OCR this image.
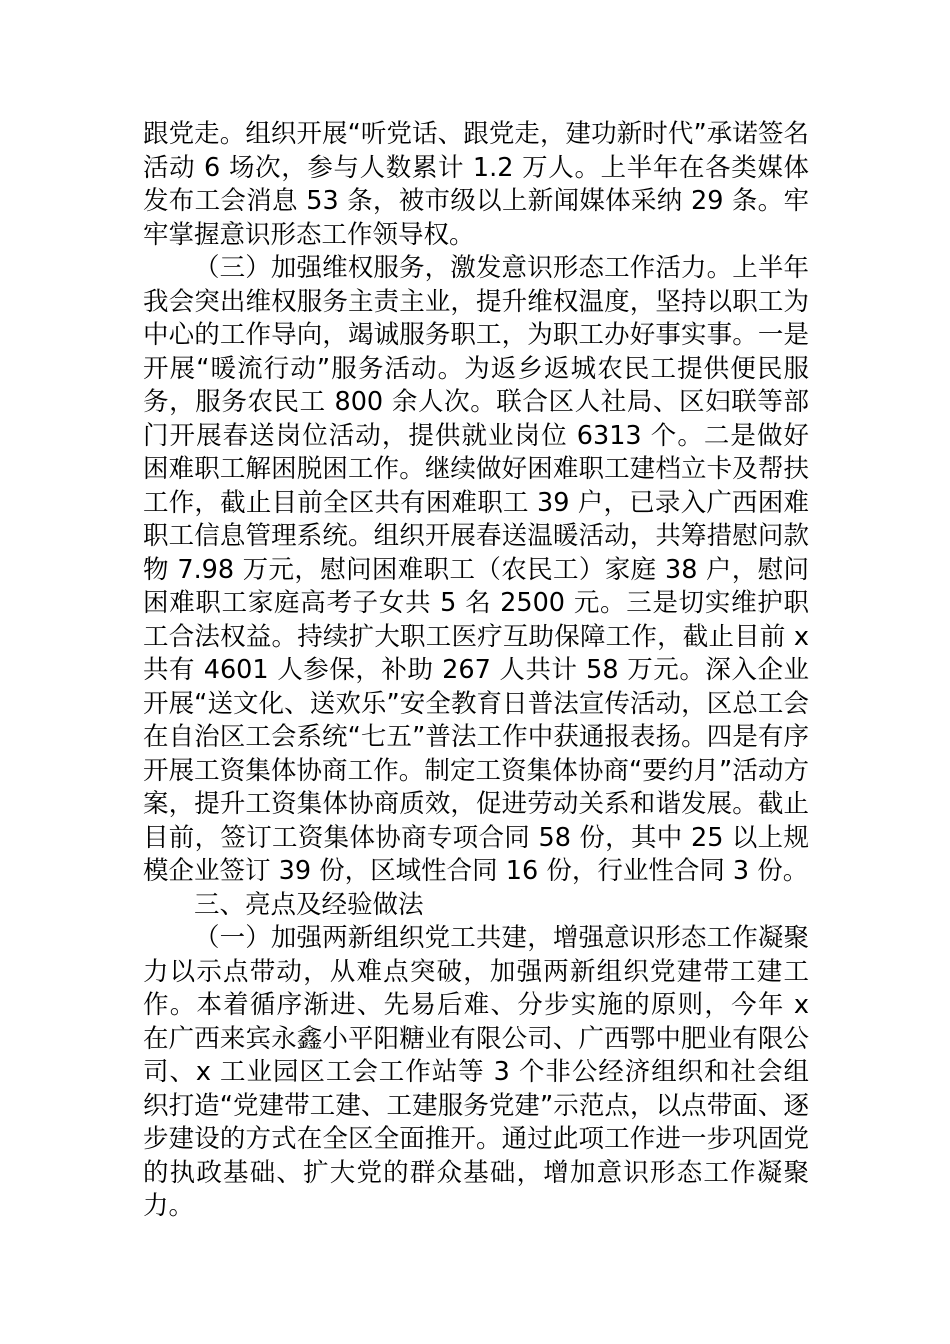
跟党走。组织开展“听党话、跟党走，建功新时代”承诺签名活动 6 场次，参与人数累计 1.2 万人。上半年在各类媒体发布工会消息 53 条，被市级以上新闻媒体采纳 29 条。牢牢掌握意识形态工作领导权。

（三）加强维权服务，激发意识形态工作活力。上半年我会突出维权服务主责主业，提升维权温度，坚持以职工为中心的工作导向，竭诚服务职工，为职工办好事实事。一是开展“暖流行动”服务活动。为返乡返城农民工提供便民服务，服务农民工 800 余人次。联合区人社局、区妇联等部门开展春送岗位活动，提供就业岗位 6313 个。二是做好困难职工解困脱困工作。继续做好困难职工建档立卡及帮扶工作，截止目前全区共有困难职工 39 户，已录入广西困难职工信息管理系统。组织开展春送温暖活动，共筹措慰问款物 7.98 万元，慰问困难职工（农民工）家庭 38 户，慰问困难职工家庭高考子女共 5 名 2500 元。三是切实维护职工合法权益。持续扩大职工医疗互助保障工作，截止目前 x 共有 4601 人参保，补助 267 人共计 58 万元。深入企业开展“送文化、送欢乐”安全教育日普法宣传活动，区总工会在自治区工会系统“七五”普法工作中获通报表扬。四是有序开展工资集体协商工作。制定工资集体协商“要约月”活动方案，提升工资集体协商质效，促进劳动关系和谐发展。截止目前，签订工资集体协商专项合同 58 份，其中 25 以上规模企业签订 39 份，区域性合同 16 份，行业性合同 3 份。

三、亮点及经验做法

（一）加强两新组织党工共建，增强意识形态工作凝聚力以示点带动，从难点突破，加强两新组织党建带工建工作。本着循序渐进、先易后难、分步实施的原则，今年 x 在广西来宾永鑫小平阳糖业有限公司、广西鄂中肥业有限公司、x 工业园区工会工作站等 3 个非公经济组织和社会组织打造“党建带工建、工建服务党建”示范点，以点带面、逐步建设的方式在全区全面推开。通过此项工作进一步巩固党的执政基础、扩大党的群众基础，增加意识形态工作凝聚力。
